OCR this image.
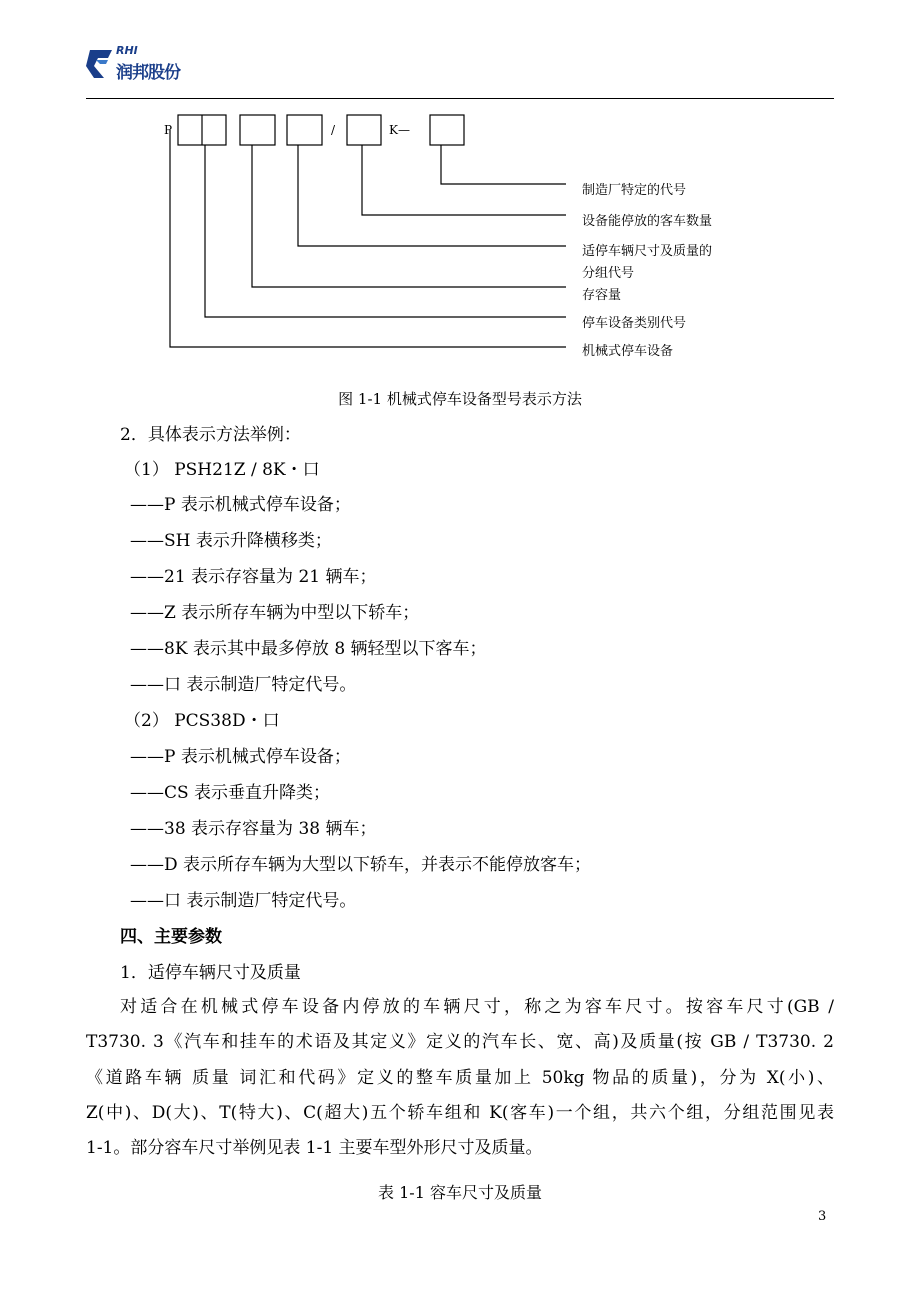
RHI
润邦股份
P	/	K—
制造厂特定的代号
设备能停放的客车数量
适停车辆尺寸及质量的
分组代号
存容量
停车设备类别代号
机械式停车设备
图 1-1 机械式停车设备型号表示方法
2．具体表示方法举例：
（1） PSH21Z / 8K・口
——P 表示机械式停车设备；
——SH 表示升降横移类；
——21 表示存容量为 21 辆车；
——Z 表示所存车辆为中型以下轿车；
——8K 表示其中最多停放 8 辆轻型以下客车；
——口 表示制造厂特定代号。
（2） PCS38D・口
——P 表示机械式停车设备；
——CS 表示垂直升降类；
——38 表示存容量为 38 辆车；
——D 表示所存车辆为大型以下轿车，并表示不能停放客车；
——口 表示制造厂特定代号。
四、主要参数
1．适停车辆尺寸及质量
对适合在机械式停车设备内停放的车辆尺寸，称之为容车尺寸。按容车尺寸(GB /
T3730. 3《汽车和挂车的术语及其定义》定义的汽车长、宽、高)及质量(按 GB / T3730. 2
《道路车辆 质量 词汇和代码》定义的整车质量加上 50kg 物品的质量)，分为 X(小)、
Z(中)、D(大)、T(特大)、C(超大)五个轿车组和 K(客车)一个组，共六个组，分组范围见表
1-1。部分容车尺寸举例见表 1-1 主要车型外形尺寸及质量。
表 1-1 容车尺寸及质量
3
